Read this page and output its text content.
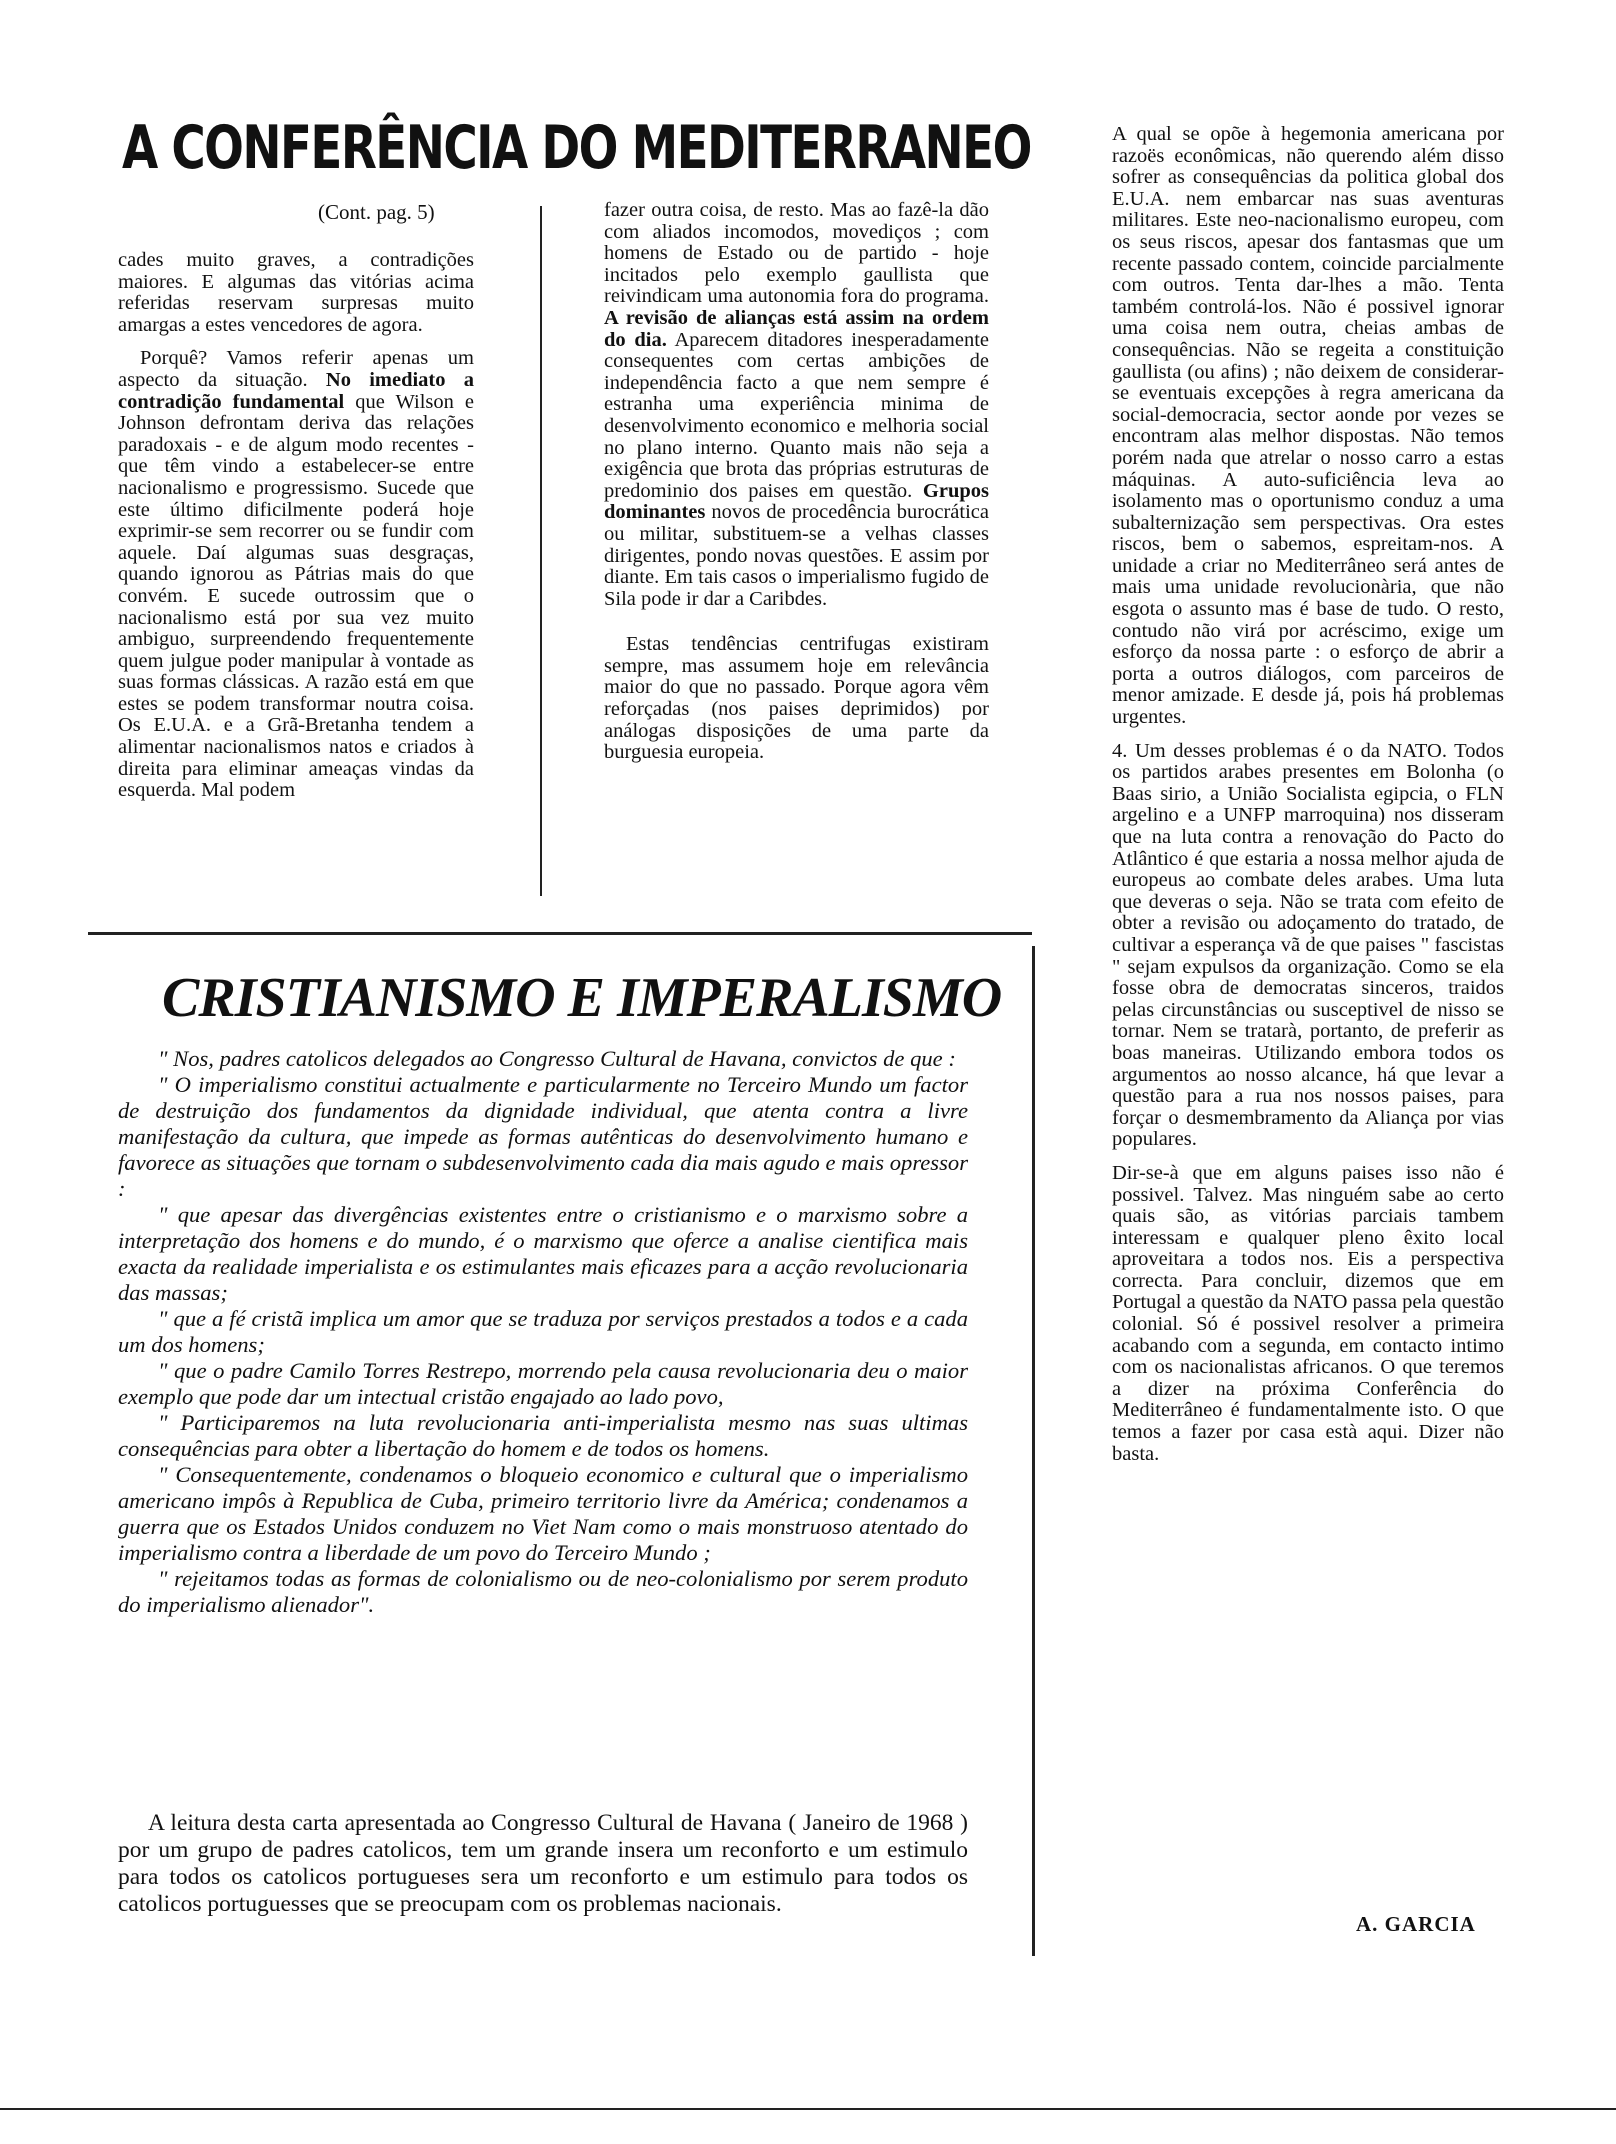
A CONFERÊNCIA DO MEDITERRANEO
(Cont. pag. 5)

cades muito graves, a contradições maiores. E algumas das vitórias acima referidas reservam surpresas muito amargas a estes vencedores de agora.

Porquê? Vamos referir apenas um aspecto da situação. No imediato a contradição fundamental que Wilson e Johnson defrontam deriva das relações paradoxais - e de algum modo recentes - que têm vindo a estabelecer-se entre nacionalismo e progressismo. Sucede que este último dificilmente poderá hoje exprimir-se sem recorrer ou se fundir com aquele. Daí algumas suas desgraças, quando ignorou as Pátrias mais do que convém. E sucede outrossim que o nacionalismo está por sua vez muito ambiguo, surpreendendo frequentemente quem julgue poder manipular à vontade as suas formas clássicas. A razão está em que estes se podem transformar noutra coisa. Os E.U.A. e a Grã-Bretanha tendem a alimentar nacionalismos natos e criados à direita para eliminar ameaças vindas da esquerda. Mal podem

fazer outra coisa, de resto. Mas ao fazê-la dão com aliados incomodos, movediços ; com homens de Estado ou de partido - hoje incitados pelo exemplo gaullista que reivindicam uma autonomia fora do programa. A revisão de alianças está assim na ordem do dia. Aparecem ditadores inesperadamente consequentes com certas ambições de independência facto a que nem sempre é estranha uma experiência minima de desenvolvimento economico e melhoria social no plano interno. Quanto mais não seja a exigência que brota das próprias estruturas de predominio dos paises em questão. Grupos dominantes novos de procedência burocrática ou militar, substituem-se a velhas classes dirigentes, pondo novas questões. E assim por diante. Em tais casos o imperialismo fugido de Sila pode ir dar a Caribdes.

Estas tendências centrifugas existiram sempre, mas assumem hoje em relevância maior do que no passado. Porque agora vêm reforçadas (nos paises deprimidos) por análogas disposições de uma parte da burguesia europeia.

A qual se opõe à hegemonia americana por razoës econômicas, não querendo além disso sofrer as consequências da politica global dos E.U.A. nem embarcar nas suas aventuras militares. Este neo-nacionalismo europeu, com os seus riscos, apesar dos fantasmas que um recente passado contem, coincide parcialmente com outros. Tenta dar-lhes a mão. Tenta também controlá-los. Não é possivel ignorar uma coisa nem outra, cheias ambas de consequências. Não se regeita a constituição gaullista (ou afins) ; não deixem de considerar-se eventuais excepções à regra americana da social-democracia, sector aonde por vezes se encontram alas melhor dispostas. Não temos porém nada que atrelar o nosso carro a estas máquinas. A auto-suficiência leva ao isolamento mas o oportunismo conduz a uma subalternização sem perspectivas. Ora estes riscos, bem o sabemos, espreitam-nos. A unidade a criar no Mediterrâneo será antes de mais uma unidade revolucionària, que não esgota o assunto mas é base de tudo. O resto, contudo não virá por acréscimo, exige um esforço da nossa parte : o esforço de abrir a porta a outros diálogos, com parceiros de menor amizade. E desde já, pois há problemas urgentes.

4. Um desses problemas é o da NATO. Todos os partidos arabes presentes em Bolonha (o Baas sirio, a União Socialista egipcia, o FLN argelino e a UNFP marroquina) nos disseram que na luta contra a renovação do Pacto do Atlântico é que estaria a nossa melhor ajuda de europeus ao combate deles arabes. Uma luta que deveras o seja. Não se trata com efeito de obter a revisão ou adoçamento do tratado, de cultivar a esperança vã de que paises " fascistas " sejam expulsos da organização. Como se ela fosse obra de democratas sinceros, traidos pelas circunstâncias ou susceptivel de nisso se tornar. Nem se tratarà, portanto, de preferir as boas maneiras. Utilizando embora todos os argumentos ao nosso alcance, há que levar a questão para a rua nos nossos paises, para forçar o desmembramento da Aliança por vias populares.

Dir-se-à que em alguns paises isso não é possivel. Talvez. Mas ninguém sabe ao certo quais são, as vitórias parciais tambem interessam e qualquer pleno êxito local aproveitara a todos nos. Eis a perspectiva correcta. Para concluir, dizemos que em Portugal a questão da NATO passa pela questão colonial. Só é possivel resolver a primeira acabando com a segunda, em contacto intimo com os nacionalistas africanos. O que teremos a dizer na próxima Conferência do Mediterrâneo é fundamentalmente isto. O que temos a fazer por casa està aqui. Dizer não basta.

A. GARCIA
CRISTIANISMO E IMPERALISMO

" Nos, padres catolicos delegados ao Congresso Cultural de Havana, convictos de que :

" O imperialismo constitui actualmente e particularmente no Terceiro Mundo um factor de destruição dos fundamentos da dignidade individual, que atenta contra a livre manifestação da cultura, que impede as formas autênticas do desenvolvimento humano e favorece as situações que tornam o subdesenvolvimento cada dia mais agudo e mais opressor :

" que apesar das divergências existentes entre o cristianismo e o marxismo sobre a interpretação dos homens e do mundo, é o marxismo que oferce a analise cientifica mais exacta da realidade imperialista e os estimulantes mais eficazes para a acção revolucionaria das massas;

" que a fé cristã implica um amor que se traduza por serviços prestados a todos e a cada um dos homens;

" que o padre Camilo Torres Restrepo, morrendo pela causa revolucionaria deu o maior exemplo que pode dar um intectual cristão engajado ao lado povo,

" Participaremos na luta revolucionaria anti-imperialista mesmo nas suas ultimas consequências para obter a libertação do homem e de todos os homens.

" Consequentemente, condenamos o bloqueio economico e cultural que o imperialismo americano impôs à Republica de Cuba, primeiro territorio livre da América; condenamos a guerra que os Estados Unidos conduzem no Viet Nam como o mais monstruoso atentado do imperialismo contra a liberdade de um povo do Terceiro Mundo ;

" rejeitamos todas as formas de colonialismo ou de neo-colonialismo por serem produto do imperialismo alienador".

A leitura desta carta apresentada ao Congresso Cultural de Havana ( Janeiro de 1968 ) por um grupo de padres catolicos, tem um grande insera um reconforto e um estimulo para todos os catolicos portugueses sera um reconforto e um estimulo para todos os catolicos portuguesses que se preocupam com os problemas nacionais.
